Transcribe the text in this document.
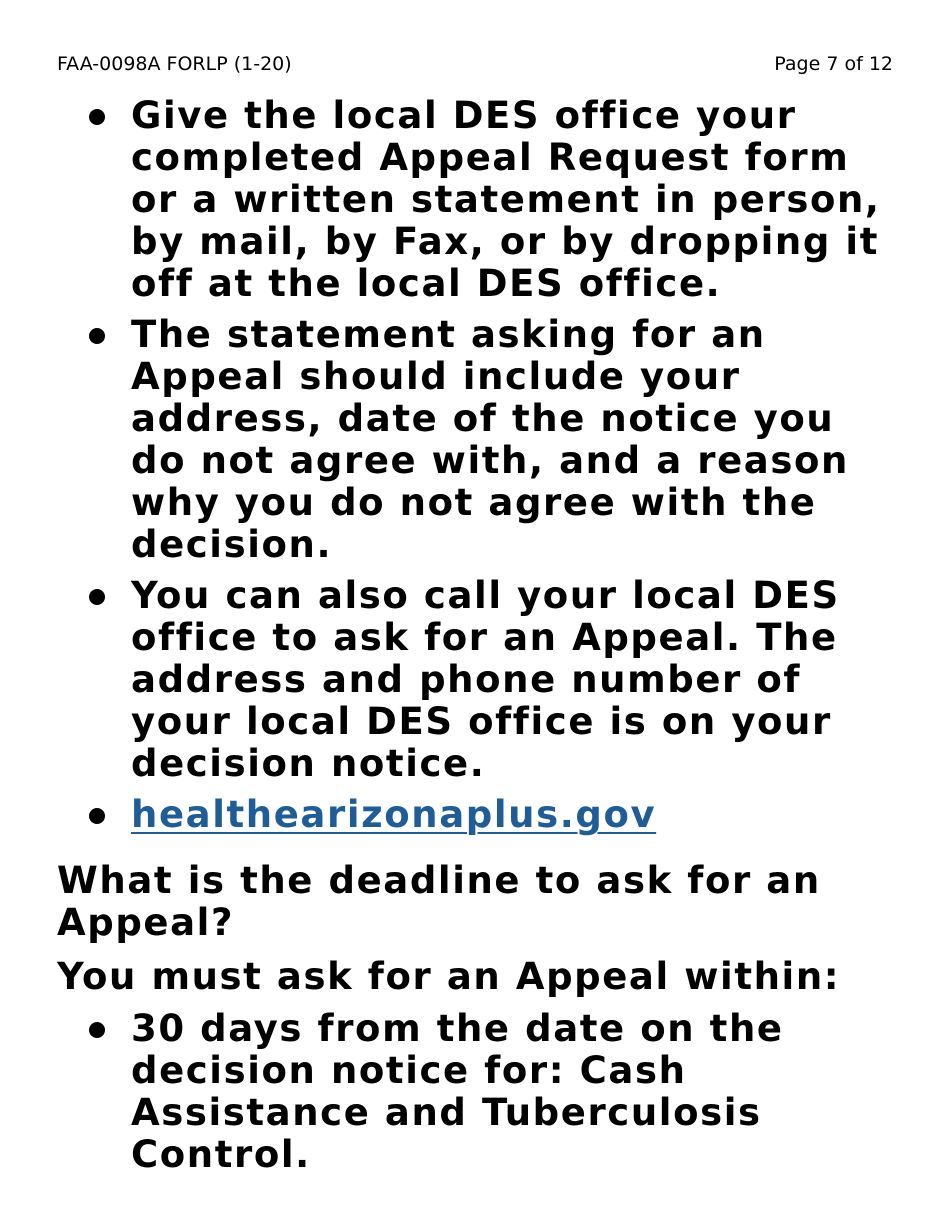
FAA-0098A FORLP (1-20)	Page 7 of 12
Give the local DES office your completed Appeal Request form or a written statement in person, by mail, by Fax, or by dropping it off at the local DES office.
The statement asking for an Appeal should include your address, date of the notice you do not agree with, and a reason why you do not agree with the decision.
You can also call your local DES office to ask for an Appeal. The address and phone number of your local DES office is on your decision notice.
healthearizonaplus.gov
What is the deadline to ask for an Appeal?

You must ask for an Appeal within:

30 days from the date on the decision notice for: Cash Assistance and Tuberculosis Control.
